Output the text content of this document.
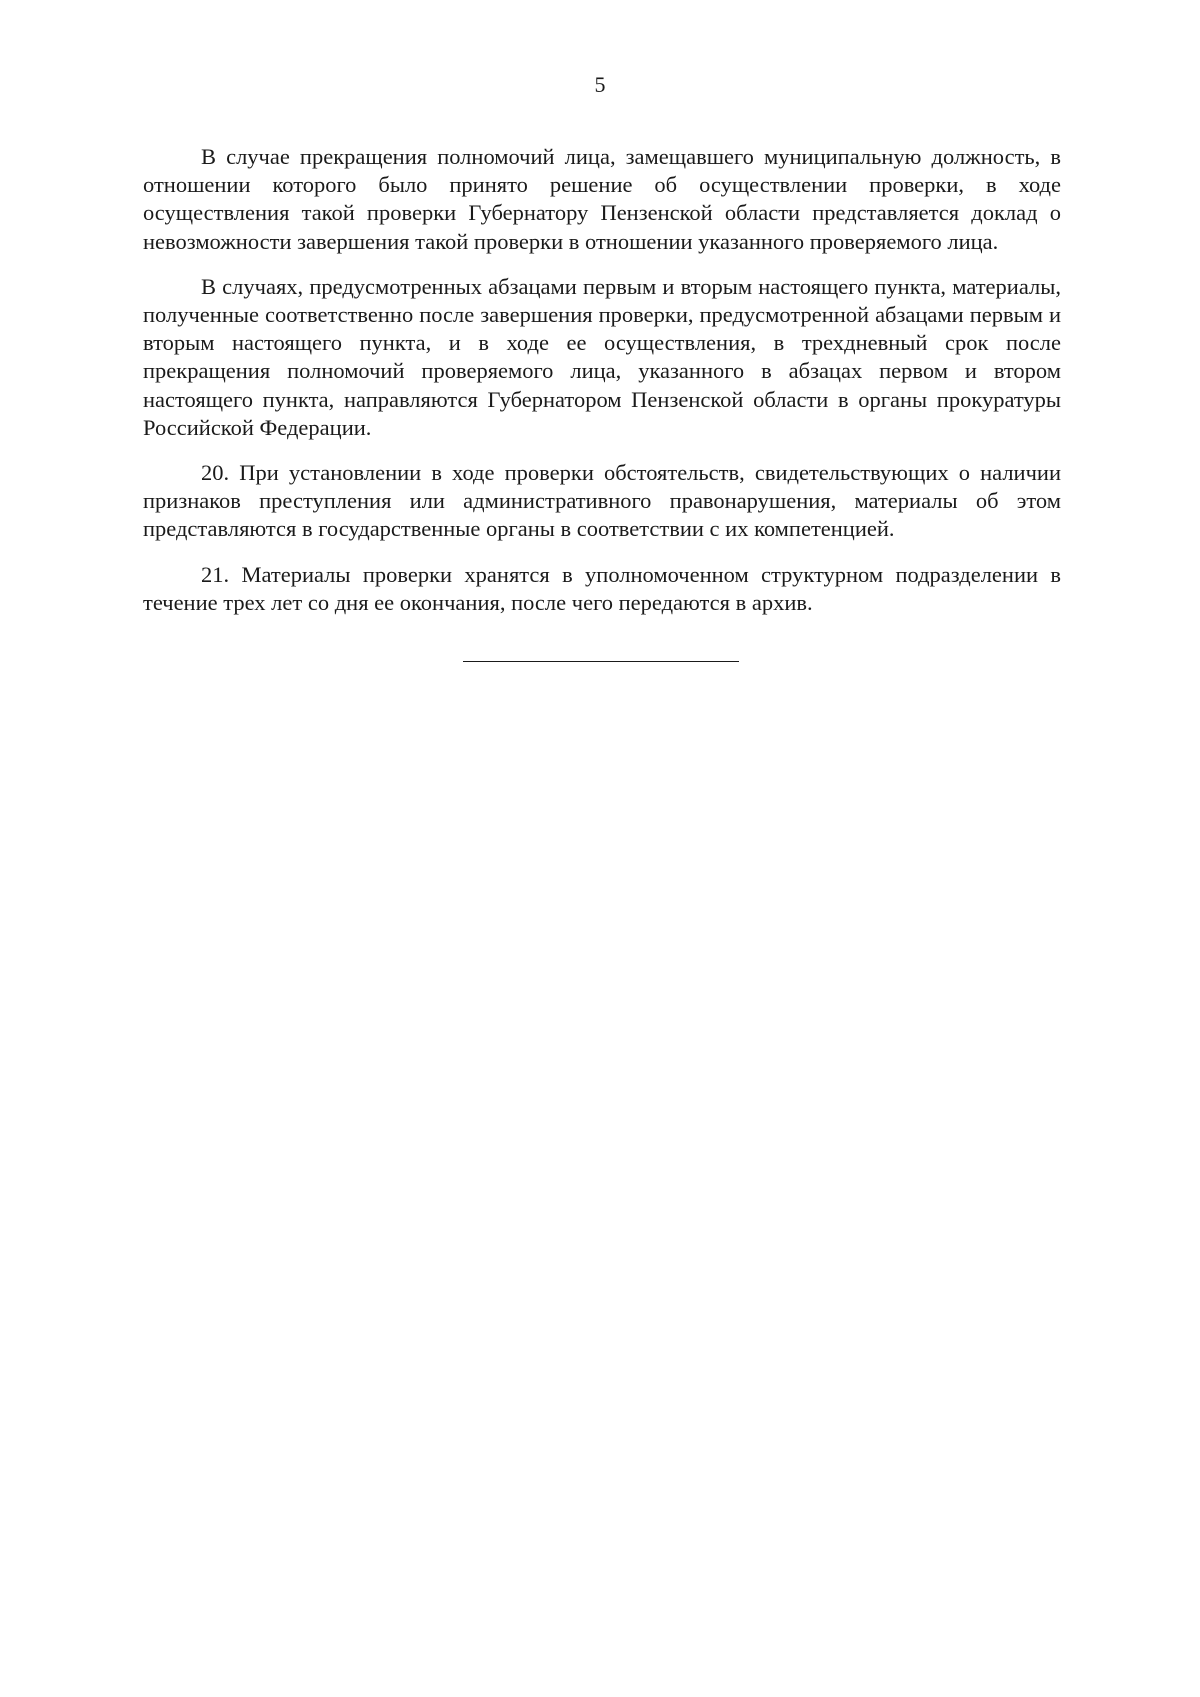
5

В случае прекращения полномочий лица, замещавшего муниципальную должность, в отношении которого было принято решение об осуществлении проверки, в ходе осуществления такой проверки Губернатору Пензенской области представляется доклад о невозможности завершения такой проверки в отношении указанного проверяемого лица.

В случаях, предусмотренных абзацами первым и вторым настоящего пункта, материалы, полученные соответственно после завершения проверки, предусмотренной абзацами первым и вторым настоящего пункта, и в ходе ее осуществления, в трехдневный срок после прекращения полномочий проверяемого лица, указанного в абзацах первом и втором настоящего пункта, направляются Губернатором Пензенской области в органы прокуратуры Российской Федерации.

20. При установлении в ходе проверки обстоятельств, свидетельствующих о наличии признаков преступления или административного правонарушения, материалы об этом представляются в государственные органы в соответствии с их компетенцией.

21. Материалы проверки хранятся в уполномоченном структурном подразделении в течение трех лет со дня ее окончания, после чего передаются в архив.
